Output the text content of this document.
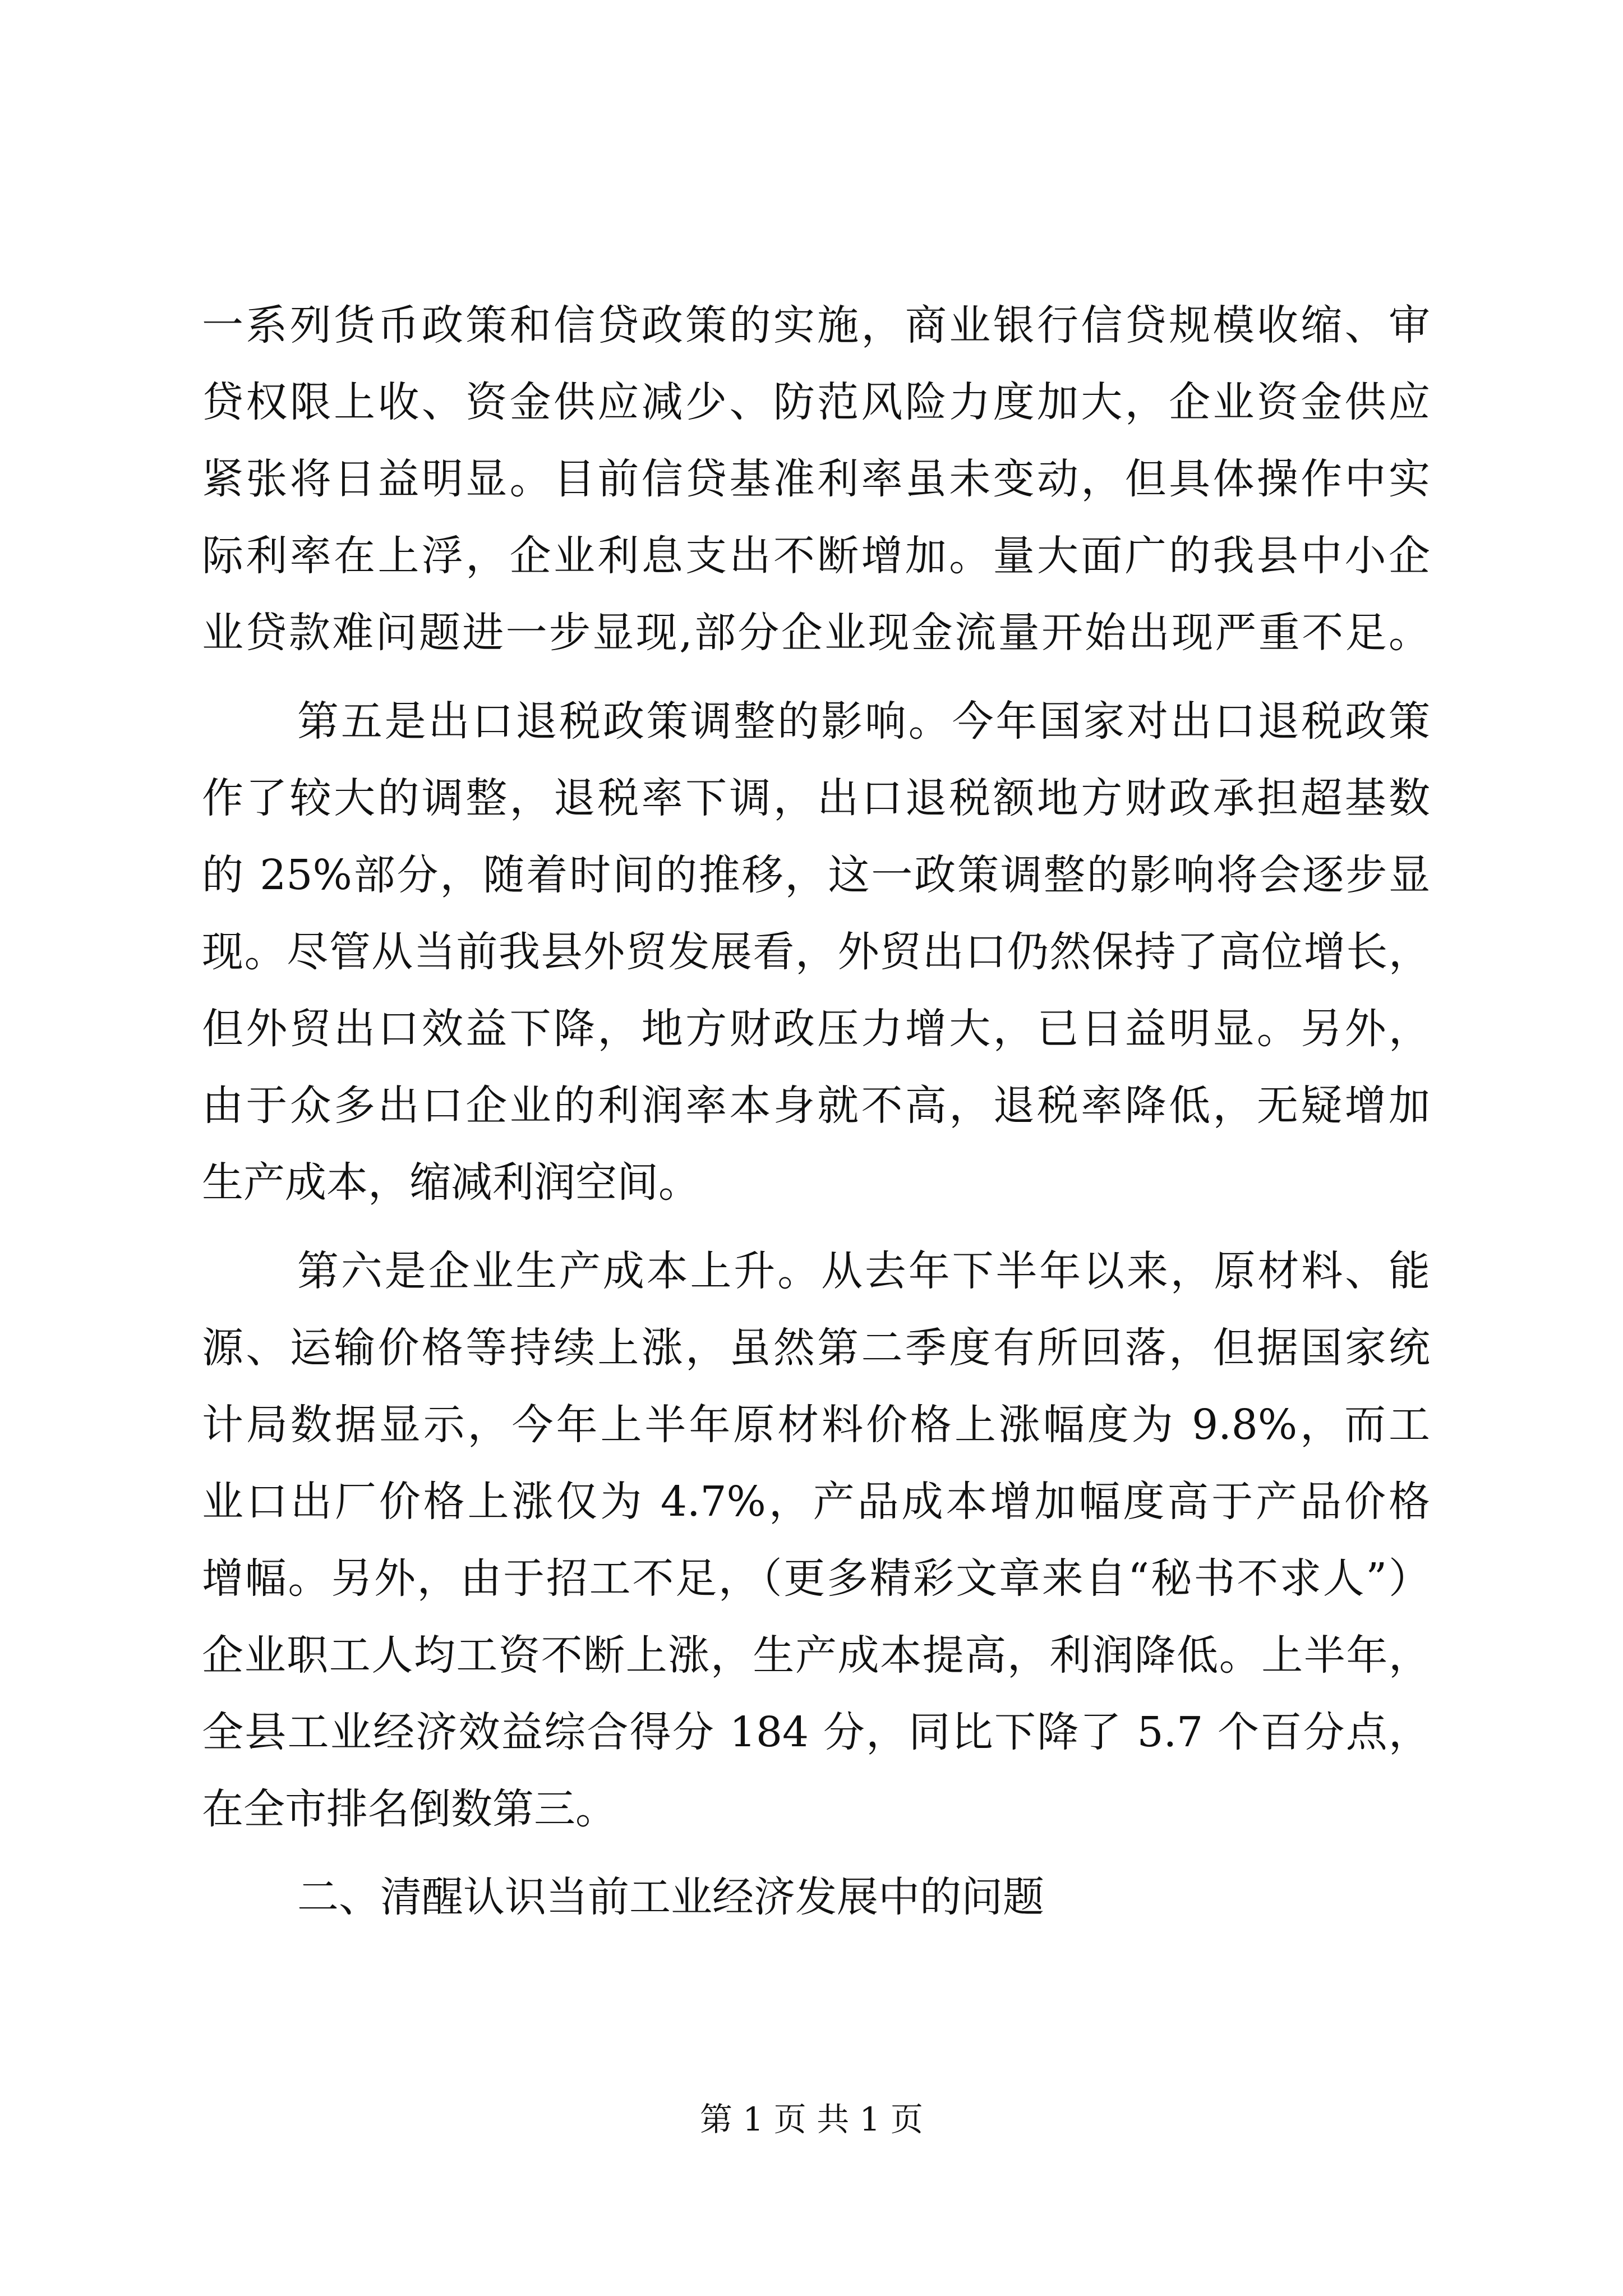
一系列货币政策和信贷政策的实施，商业银行信贷规模收缩、审
贷权限上收、资金供应减少、防范风险力度加大，企业资金供应
紧张将日益明显。目前信贷基准利率虽未变动，但具体操作中实
际利率在上浮，企业利息支出不断增加。量大面广的我县中小企
业贷款难问题进一步显现,部分企业现金流量开始出现严重不足。
第五是出口退税政策调整的影响。今年国家对出口退税政策
作了较大的调整，退税率下调，出口退税额地方财政承担超基数
的 25%部分，随着时间的推移，这一政策调整的影响将会逐步显
现。尽管从当前我县外贸发展看，外贸出口仍然保持了高位增长，
但外贸出口效益下降，地方财政压力增大，已日益明显。另外，
由于众多出口企业的利润率本身就不高，退税率降低，无疑增加
生产成本，缩减利润空间。
第六是企业生产成本上升。从去年下半年以来，原材料、能
源、运输价格等持续上涨，虽然第二季度有所回落，但据国家统
计局数据显示，今年上半年原材料价格上涨幅度为 9.8%，而工
业口出厂价格上涨仅为 4.7%，产品成本增加幅度高于产品价格
增幅。另外，由于招工不足，（更多精彩文章来自“秘书不求人”）
企业职工人均工资不断上涨，生产成本提高，利润降低。上半年，
全县工业经济效益综合得分 184 分，同比下降了 5.7 个百分点，
在全市排名倒数第三。
二、清醒认识当前工业经济发展中的问题
第 1 页 共 1 页
